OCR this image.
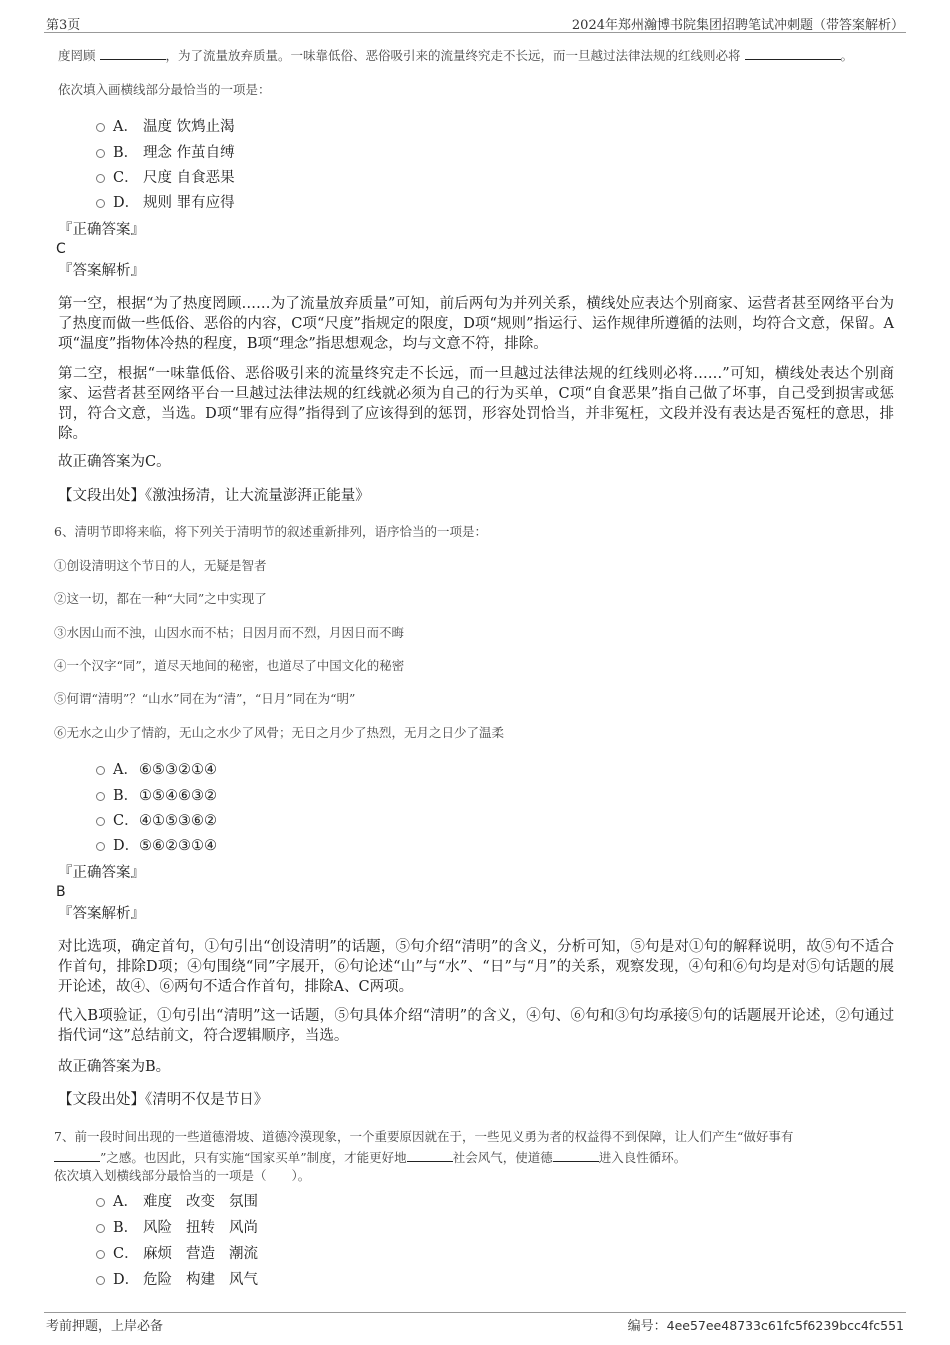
第3页	2024年郑州瀚博书院集团招聘笔试冲刺题（带答案解析）
度罔顾	，为了流量放弃质量。一味靠低俗、恶俗吸引来的流量终究走不长远，而一旦越过法律法规的红线则必将	。
依次填入画横线部分最恰当的一项是：
A． 温度 饮鸩止渴
B． 理念 作茧自缚
C． 尺度 自食恶果
D． 规则 罪有应得
『正确答案』
C
『答案解析』
第一空，根据“为了热度罔顾……为了流量放弃质量”可知，前后两句为并列关系，横线处应表达个别商家、运营者甚至网络平台为了热度而做一些低俗、恶俗的内容，C项“尺度”指规定的限度，D项“规则”指运行、运作规律所遵循的法则，均符合文意，保留。A项“温度”指物体冷热的程度，B项“理念”指思想观念，均与文意不符，排除。
第二空，根据“一味靠低俗、恶俗吸引来的流量终究走不长远，而一旦越过法律法规的红线则必将……”可知，横线处表达个别商家、运营者甚至网络平台一旦越过法律法规的红线就必须为自己的行为买单，C项“自食恶果”指自己做了坏事，自己受到损害或惩罚，符合文意，当选。D项“罪有应得”指得到了应该得到的惩罚，形容处罚恰当，并非冤枉，文段并没有表达是否冤枉的意思，排除。
故正确答案为C。
【文段出处】《激浊扬清，让大流量澎湃正能量》
6、清明节即将来临，将下列关于清明节的叙述重新排列，语序恰当的一项是：
①创设清明这个节日的人，无疑是智者
②这一切，都在一种“大同”之中实现了
③水因山而不浊，山因水而不枯；日因月而不烈，月因日而不晦
④一个汉字“同”，道尽天地间的秘密，也道尽了中国文化的秘密
⑤何谓“清明”？“山水”同在为“清”，“日月”同在为“明”
⑥无水之山少了情韵，无山之水少了风骨；无日之月少了热烈，无月之日少了温柔
A．⑥⑤③②①④
B．①⑤④⑥③②
C．④①⑤③⑥②
D．⑤⑥②③①④
『正确答案』
B
『答案解析』
对比选项，确定首句，①句引出“创设清明”的话题，⑤句介绍“清明”的含义，分析可知，⑤句是对①句的解释说明，故⑤句不适合作首句，排除D项；④句围绕“同”字展开，⑥句论述“山”与“水”、“日”与“月”的关系，观察发现，④句和⑥句均是对⑤句话题的展开论述，故④、⑥两句不适合作首句，排除A、C两项。
代入B项验证，①句引出“清明”这一话题，⑤句具体介绍“清明”的含义，④句、⑥句和③句均承接⑤句的话题展开论述，②句通过指代词“这”总结前文，符合逻辑顺序，当选。
故正确答案为B。
【文段出处】《清明不仅是节日》
7、前一段时间出现的一些道德滑坡、道德冷漠现象，一个重要原因就在于，一些见义勇为者的权益得不到保障，让人们产生“做好事有
”之感。也因此，只有实施“国家买单”制度，才能更好地	社会风气，使道德	进入良性循环。
依次填入划横线部分最恰当的一项是（　　）。
A． 难度 改变 氛围
B． 风险 扭转 风尚
C． 麻烦 营造 潮流
D． 危险 构建 风气
考前押题，上岸必备	编号：4ee57ee48733c61fc5f6239bcc4fc551
